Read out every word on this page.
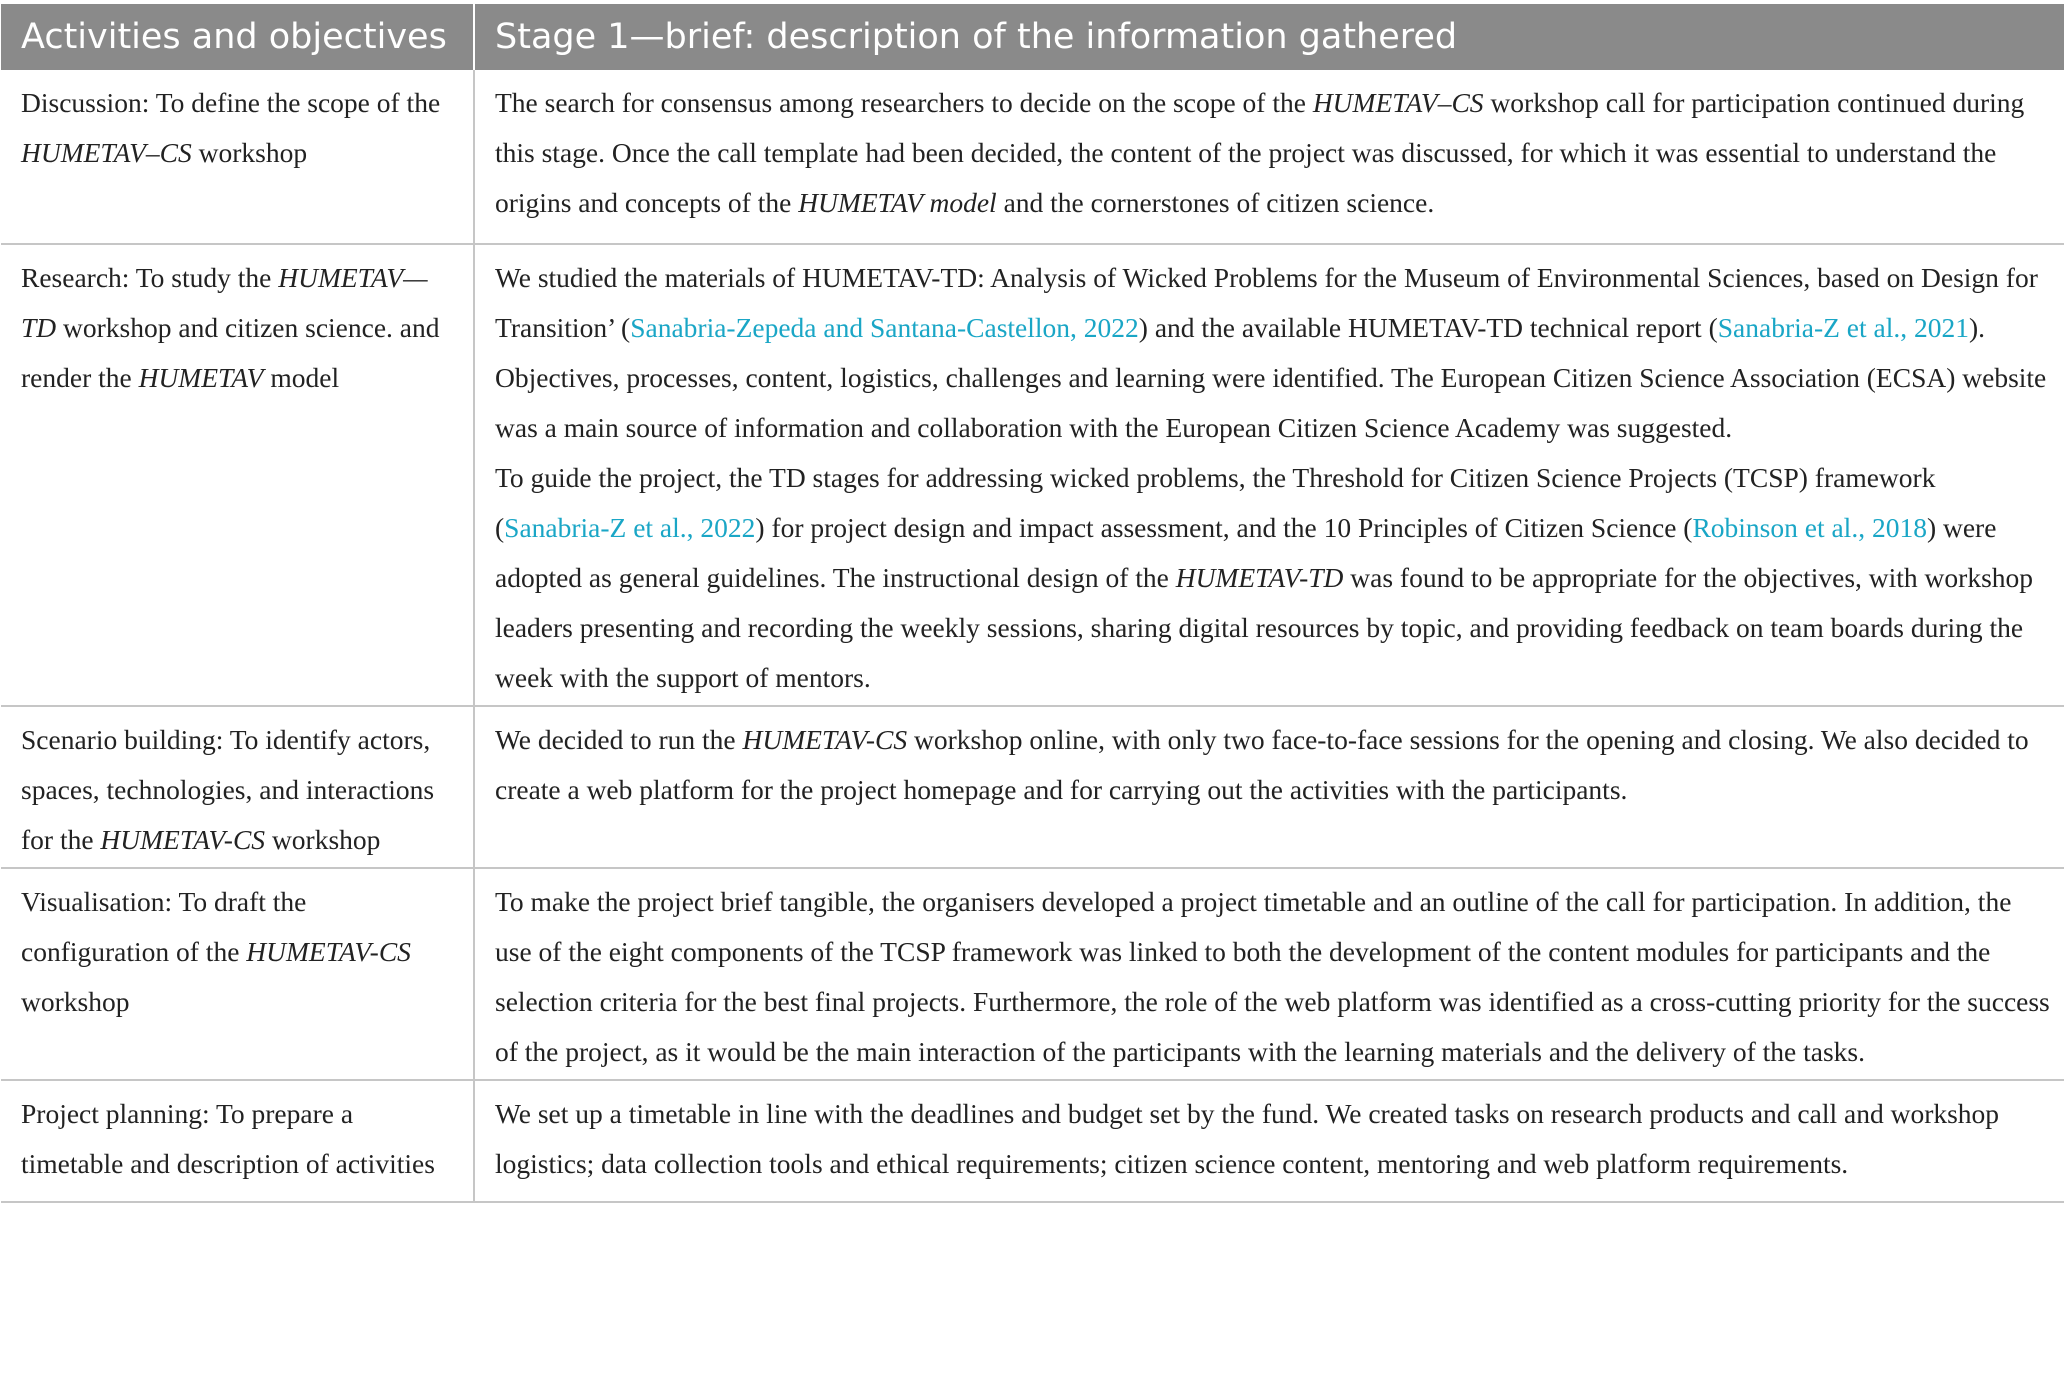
Activities and objectives	Stage 1—brief: description of the information gathered
Discussion: To define the scope of the HUMETAV–CS workshop	The search for consensus among researchers to decide on the scope of the HUMETAV–CS workshop call for participation continued during this stage. Once the call template had been decided, the content of the project was discussed, for which it was essential to understand the origins and concepts of the HUMETAV model and the cornerstones of citizen science.
Research: To study the HUMETAV—TD workshop and citizen science. and render the HUMETAV model	We studied the materials of HUMETAV-TD: Analysis of Wicked Problems for the Museum of Environmental Sciences, based on Design for Transition’ (Sanabria-Zepeda and Santana-Castellon, 2022) and the available HUMETAV-TD technical report (Sanabria-Z et al., 2021). Objectives, processes, content, logistics, challenges and learning were identified. The European Citizen Science Association (ECSA) website was a main source of information and collaboration with the European Citizen Science Academy was suggested.
To guide the project, the TD stages for addressing wicked problems, the Threshold for Citizen Science Projects (TCSP) framework (Sanabria-Z et al., 2022) for project design and impact assessment, and the 10 Principles of Citizen Science (Robinson et al., 2018) were adopted as general guidelines. The instructional design of the HUMETAV-TD was found to be appropriate for the objectives, with workshop leaders presenting and recording the weekly sessions, sharing digital resources by topic, and providing feedback on team boards during the week with the support of mentors.

Scenario building: To identify actors, spaces, technologies, and interactions for the HUMETAV-CS workshop	We decided to run the HUMETAV-CS workshop online, with only two face-to-face sessions for the opening and closing. We also decided to create a web platform for the project homepage and for carrying out the activities with the participants.
Visualisation: To draft the configuration of the HUMETAV-CS workshop	To make the project brief tangible, the organisers developed a project timetable and an outline of the call for participation. In addition, the use of the eight components of the TCSP framework was linked to both the development of the content modules for participants and the selection criteria for the best final projects. Furthermore, the role of the web platform was identified as a cross-cutting priority for the success of the project, as it would be the main interaction of the participants with the learning materials and the delivery of the tasks.
Project planning: To prepare a timetable and description of activities	We set up a timetable in line with the deadlines and budget set by the fund. We created tasks on research products and call and workshop logistics; data collection tools and ethical requirements; citizen science content, mentoring and web platform requirements.
